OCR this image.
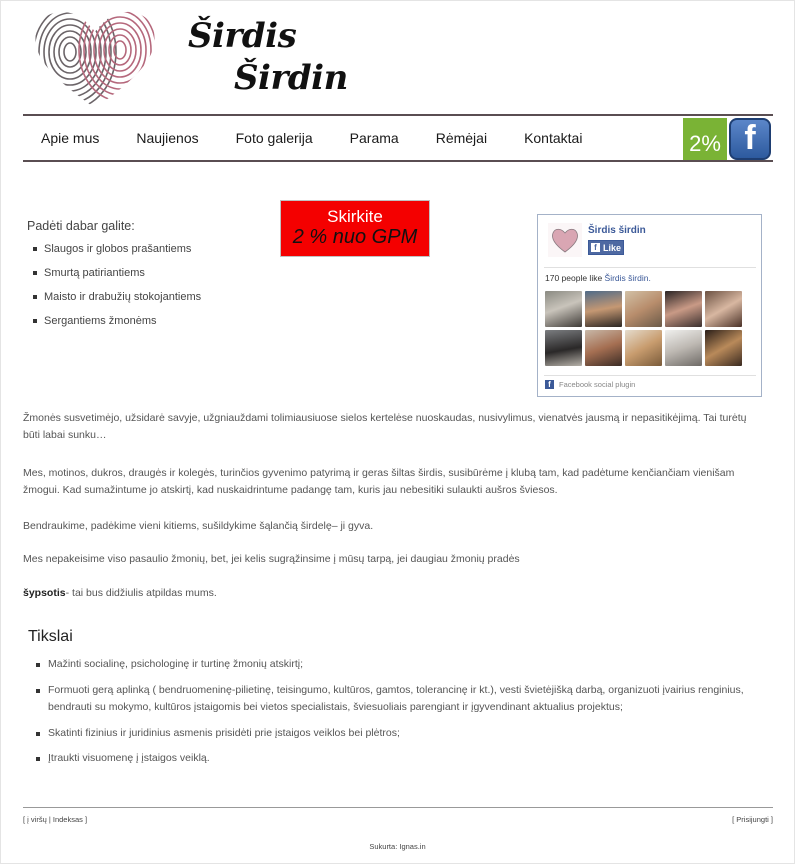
Širdis
Širdin
Apie mus	Naujienos	Foto galerija	Parama	Rėmėjai	Kontaktai	2% f
Padėti dabar galite:
Slaugos ir globos prašantiems
Smurtą patiriantiems
Maisto ir drabužių stokojantiems
Sergantiems žmonėms
Skirkite
2 % nuo GPM	Širdis širdin
f Like
170 people like Širdis širdin.
f	Facebook social plugin

Žmonės susvetimėjo, užsidarė savyje, užgniauždami tolimiausiuose sielos kertelėse nuoskaudas, nusivylimus, vienatvės jausmą ir nepasitikėjimą. Tai turėtų būti labai sunku…

Mes, motinos, dukros, draugės ir kolegės, turinčios gyvenimo patyrimą ir geras šiltas širdis, susibūrėme į klubą tam, kad padėtume kenčiančiam vienišam žmogui. Kad sumažintume jo atskirtį, kad nuskaidrintume padangę tam, kuris jau nebesitiki sulaukti aušros šviesos.

Bendraukime, padėkime vieni kitiems, sušildykime šąlančią širdelę– ji gyva.

Mes nepakeisime viso pasaulio žmonių, bet, jei kelis sugrąžinsime į mūsų tarpą, jei daugiau žmonių pradės

šypsotis- tai bus didžiulis atpildas mums.

Tikslai
Mažinti socialinę, psichologinę ir turtinę žmonių atskirtį;
Formuoti gerą aplinką ( bendruomeninę-pilietinę, teisingumo, kultūros, gamtos, tolerancinę ir kt.), vesti švietėjišką darbą, organizuoti įvairius renginius, bendrauti su mokymo, kultūros įstaigomis bei vietos specialistais, šviesuoliais parengiant ir įgyvendinant aktualius projektus;
Skatinti fizinius ir juridinius asmenis prisidėti prie įstaigos veiklos bei plėtros;
Įtraukti visuomenę į įstaigos veiklą.
[ į viršų | Indeksas ]	[ Prisijungti ]
Sukurta: Ignas.in
